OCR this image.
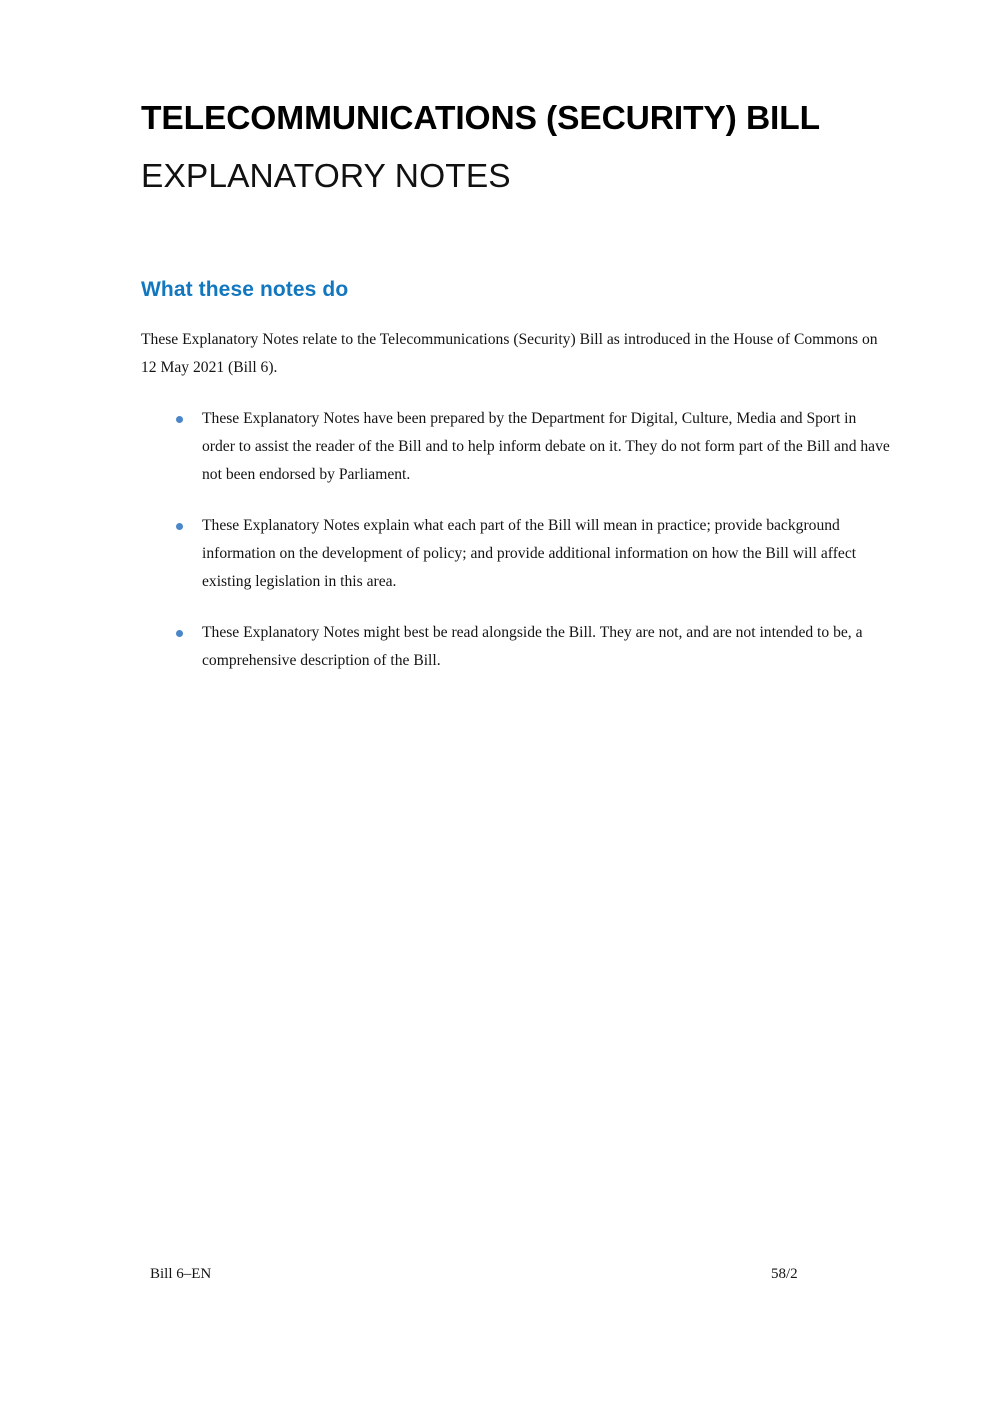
TELECOMMUNICATIONS (SECURITY) BILL
EXPLANATORY NOTES
What these notes do

These Explanatory Notes relate to the Telecommunications (Security) Bill as introduced in the House of Commons on 12 May 2021 (Bill 6).

These Explanatory Notes have been prepared by the Department for Digital, Culture, Media and Sport in order to assist the reader of the Bill and to help inform debate on it. They do not form part of the Bill and have not been endorsed by Parliament.
These Explanatory Notes explain what each part of the Bill will mean in practice; provide background information on the development of policy; and provide additional information on how the Bill will affect existing legislation in this area.
These Explanatory Notes might best be read alongside the Bill. They are not, and are not intended to be, a comprehensive description of the Bill.
Bill 6–EN	58/2
